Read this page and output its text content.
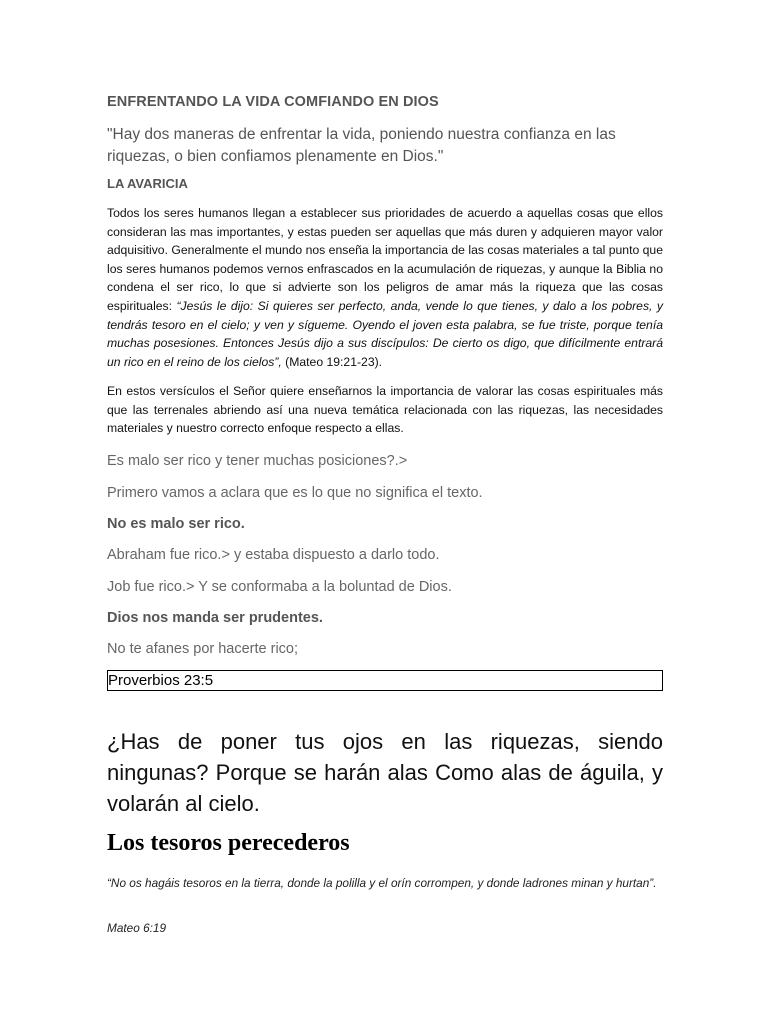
ENFRENTANDO LA VIDA COMFIANDO EN DIOS
"Hay dos maneras de enfrentar la vida, poniendo nuestra confianza en las riquezas, o bien confiamos plenamente en Dios."
LA AVARICIA

Todos los seres humanos llegan a establecer sus prioridades de acuerdo a aquellas cosas que ellos consideran las mas importantes, y estas pueden ser aquellas que más duren y adquieren mayor valor adquisitivo. Generalmente el mundo nos enseña la importancia de las cosas materiales a tal punto que los seres humanos podemos vernos enfrascados en la acumulación de riquezas, y aunque la Biblia no condena el ser rico, lo que si advierte son los peligros de amar más la riqueza que las cosas espirituales: “Jesús le dijo: Si quieres ser perfecto, anda, vende lo que tienes, y dalo a los pobres, y tendrás tesoro en el cielo; y ven y sígueme. Oyendo el joven esta palabra, se fue triste, porque tenía muchas posesiones. Entonces Jesús dijo a sus discípulos: De cierto os digo, que difícilmente entrará un rico en el reino de los cielos”, (Mateo 19:21-23).

En estos versículos el Señor quiere enseñarnos la importancia de valorar las cosas espirituales más que las terrenales abriendo así una nueva temática relacionada con las riquezas, las necesidades materiales y nuestro correcto enfoque respecto a ellas.

Es malo ser rico y tener muchas posiciones?.>
Primero vamos a aclara que es lo que no significa el texto.
No es malo ser rico.
Abraham fue rico.> y estaba dispuesto a darlo todo.
Job fue rico.> Y se conformaba a la boluntad de Dios.
Dios nos manda ser prudentes.
No te afanes por hacerte rico;
Proverbios 23:5

¿Has de poner tus ojos en las riquezas, siendo ningunas? Porque se harán alas Como alas de águila, y volarán al cielo.

Los tesoros perecederos

“No os hagáis tesoros en la tierra, donde la polilla y el orín corrompen, y donde ladrones minan y hurtan”.

Mateo 6:19
